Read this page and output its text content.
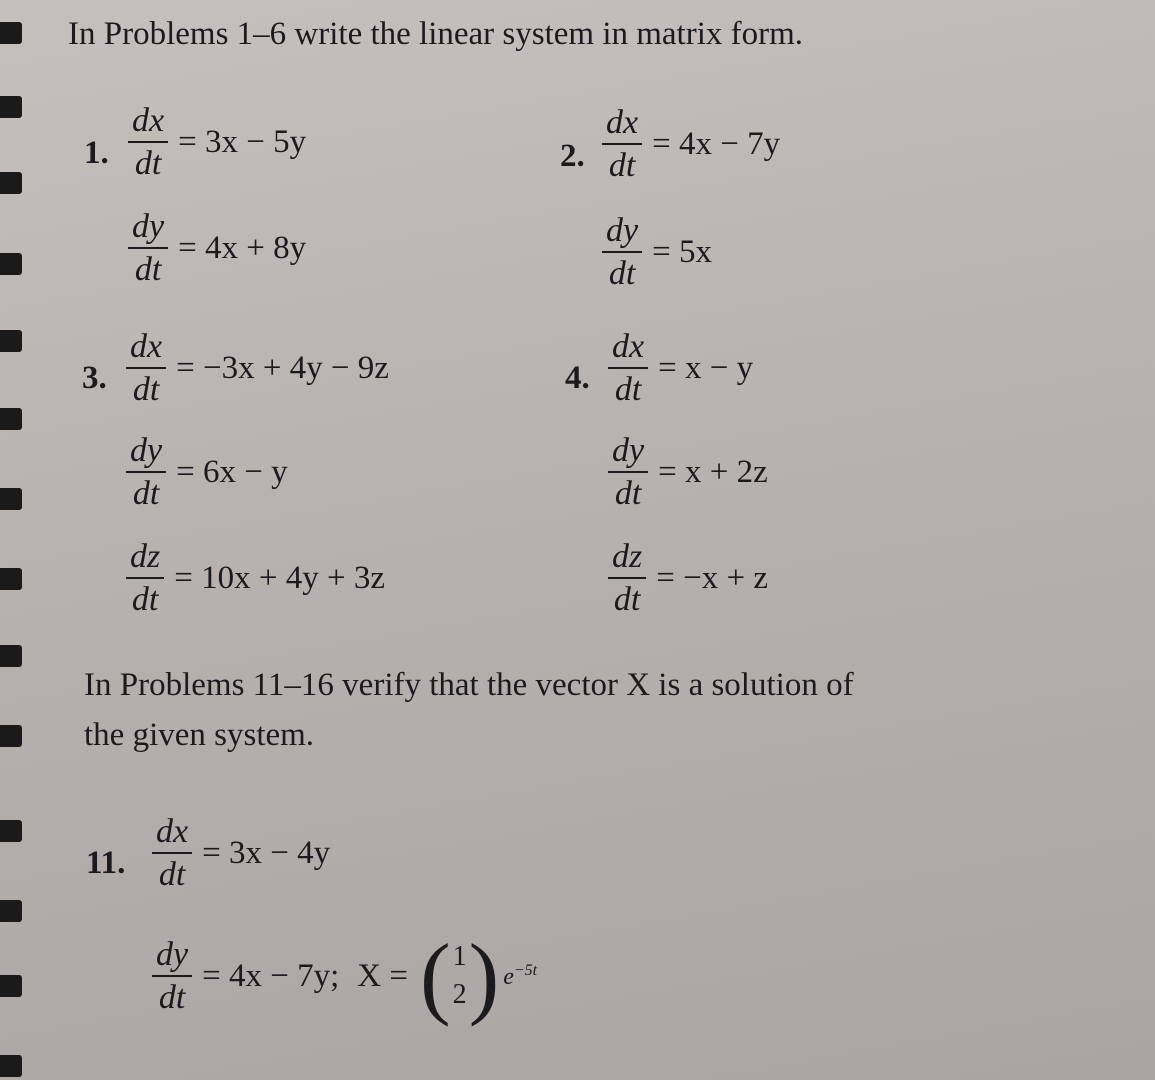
In Problems 1–6 write the linear system in matrix form.
1. $\frac{dx}{dt} = 3x - 5y$
$\frac{dy}{dt} = 4x + 8y$
2. $\frac{dx}{dt} = 4x - 7y$
$\frac{dy}{dt} = 5x$
3. $\frac{dx}{dt} = -3x + 4y - 9z$
$\frac{dy}{dt} = 6x - y$
$\frac{dz}{dt} = 10x + 4y + 3z$
4. $\frac{dx}{dt} = x - y$
$\frac{dy}{dt} = x + 2z$
$\frac{dz}{dt} = -x + z$
In Problems 11–16 verify that the vector X is a solution of
the given system.
11. $\frac{dx}{dt} = 3x - 4y$
$\frac{dy}{dt} = 4x - 7y$; X = ( 1
2 ) $e^{-5t}$
